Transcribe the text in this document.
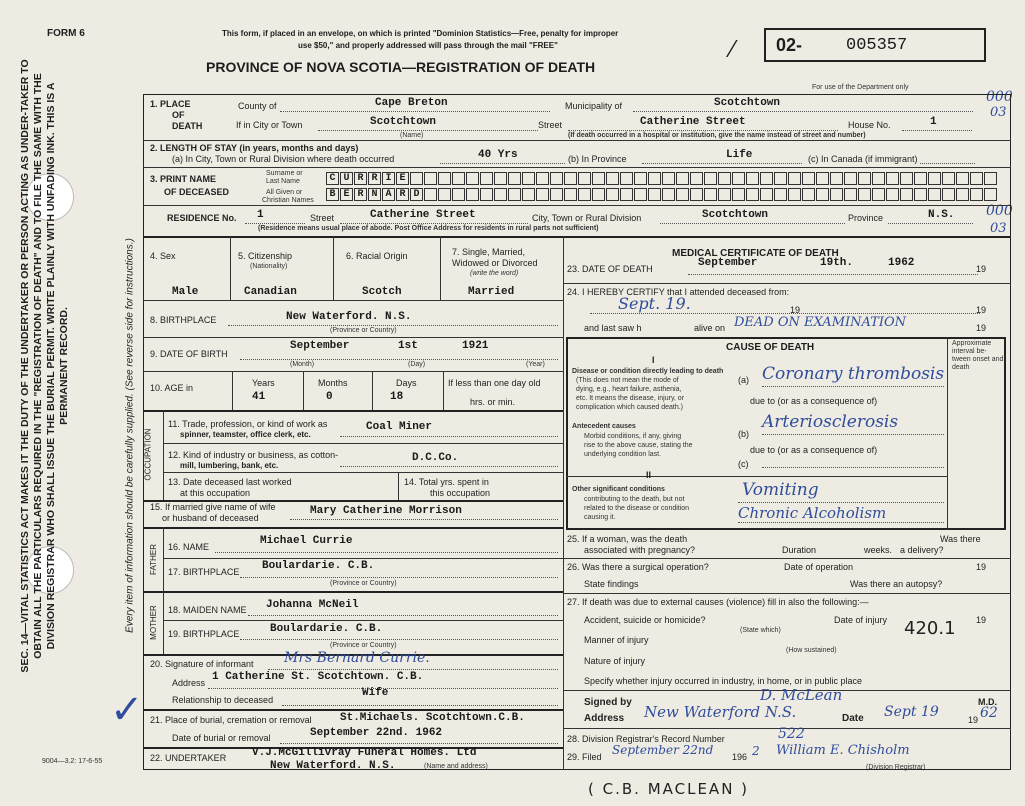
SEC. 14—VITAL STATISTICS ACT MAKES IT THE DUTY OF THE UNDERTAKER OR PERSON ACTING AS UNDER-TAKER TO OBTAIN ALL THE PARTICULARS REQUIRED IN THE "REGISTRATION OF DEATH" AND TO FILE THE SAME WITH THE DIVISION REGISTRAR WHO SHALL ISSUE THE BURIAL PERMIT. WRITE PLAINLY WITH UNFADING INK. THIS IS A PERMANENT RECORD.	Every item of information should be carefully supplied. (See reverse side for instructions.)
9004—3.2: 17-6-55
FORM 6	This form, if placed in an envelope, on which is printed "Dominion Statistics—Free, penalty for improper
use $50," and properly addressed will pass through the mail "FREE"
PROVINCE OF NOVA SCOTIA—REGISTRATION OF DEATH
02-	005357
For use of the Department only
000
03
000
03
1. PLACE
OF
DEATH
County of	Cape Breton	Municipality of	Scotchtown
If in City or Town	Scotchtown
(Name)
Street	Catherine Street	House No.	1
(If death occurred in a hospital or institution, give the name instead of street and number)
2. LENGTH OF STAY (in years, months and days)
(a) In City, Town or Rural Division where death occurred	40 Yrs	(b) In Province	Life	(c) In Canada (if immigrant)
3. PRINT NAME
OF DECEASED
Surname or
Last Name
All Given or
Christian Names
C U R R I E
B E R N A R D
RESIDENCE No. 1	Street	Catherine Street	City, Town or Rural Division	Scotchtown	Province	N.S.
(Residence means usual place of abode. Post Office Address for residents in rural parts not sufficient)
4. Sex	5. Citizenship
(Nationality)
6. Racial Origin	7. Single, Married,
Widowed or Divorced
(write the word)
Male	Canadian	Scotch	Married
8. BIRTHPLACE	New Waterford. N.S.
(Province or Country)
9. DATE OF BIRTH
September	1st	1921
(Month)	(Day)	(Year)
10. AGE in	Years	Months	Days
41	0	18
If less than one day old
hrs. or min.
OCCUPATION
11. Trade, profession, or kind of work as
spinner, teamster, office clerk, etc.
Coal Miner
12. Kind of industry or business, as cotton-
mill, lumbering, bank, etc.
D.C.Co.
13. Date deceased last worked
at this occupation
14. Total yrs. spent in
this occupation
15. If married give name of wife
or husband of deceased
Mary Catherine Morrison
FATHER 16. NAME	Michael Currie
17. BIRTHPLACE Boulardarie. C.B.
(Province or Country)
MOTHER 18. MAIDEN NAME Johanna McNeil
19. BIRTHPLACE	Boulardarie. C.B.
(Province or Country)
20. Signature of informant Mrs Bernard Currie.
Address 1 Catherine St. Scotchtown. C.B.
Relationship to deceased
Wife
21. Place of burial, cremation or removal	St.Michaels. Scotchtown.C.B.
Date of burial or removal	September 22nd. 1962
22. UNDERTAKER V.J.McGillivray Funeral Homes. Ltd
New Waterford. N.S.	(Name and address)
MEDICAL CERTIFICATE OF DEATH
23. DATE OF DEATH	September	19th.	1962	19
24. I HEREBY CERTIFY that I attended deceased from:
Sept. 19.	19	19
and last saw h	alive on DEAD ON EXAMINATION	19
CAUSE OF DEATH	Approximate interval be-tween onset and death
I
Disease or condition directly leading to death
(This does not mean the mode of
dying, e.g., heart failure, asthenia,
etc. It means the disease, injury, or
complication which caused death.)
(a) Coronary thrombosis
due to (or as a consequence of)
Antecedent causes
Morbid conditions, if any, giving
rise to the above cause, stating the
underlying condition last.
(b)
Arteriosclerosis
due to (or as a consequence of)
(c)
II
Other significant conditions
contributing to the death, but not
related to the disease or condition
causing it.
Vomiting
Chronic Alcoholism
25. If a woman, was the death
associated with pregnancy?	Duration	weeks.
Was there
a delivery?
26. Was there a surgical operation?	Date of operation	19
State findings	Was there an autopsy?
27. If death was due to external causes (violence) fill in also the following:—
Accident, suicide or homicide?	Date of injury	19
(State which)	420.1
Manner of injury
(How sustained)
Nature of injury
Specify whether injury occurred in industry, in home, or in public place
Signed by	D. McLean	M.D.
Address New Waterford N.S.	Date Sept 19	19 62
28. Division Registrar's Record Number	522
29. Filed September 22nd 196 2 William E. Chisholm
(Division Registrar)
( C.B. MACLEAN )
⁄
✓
